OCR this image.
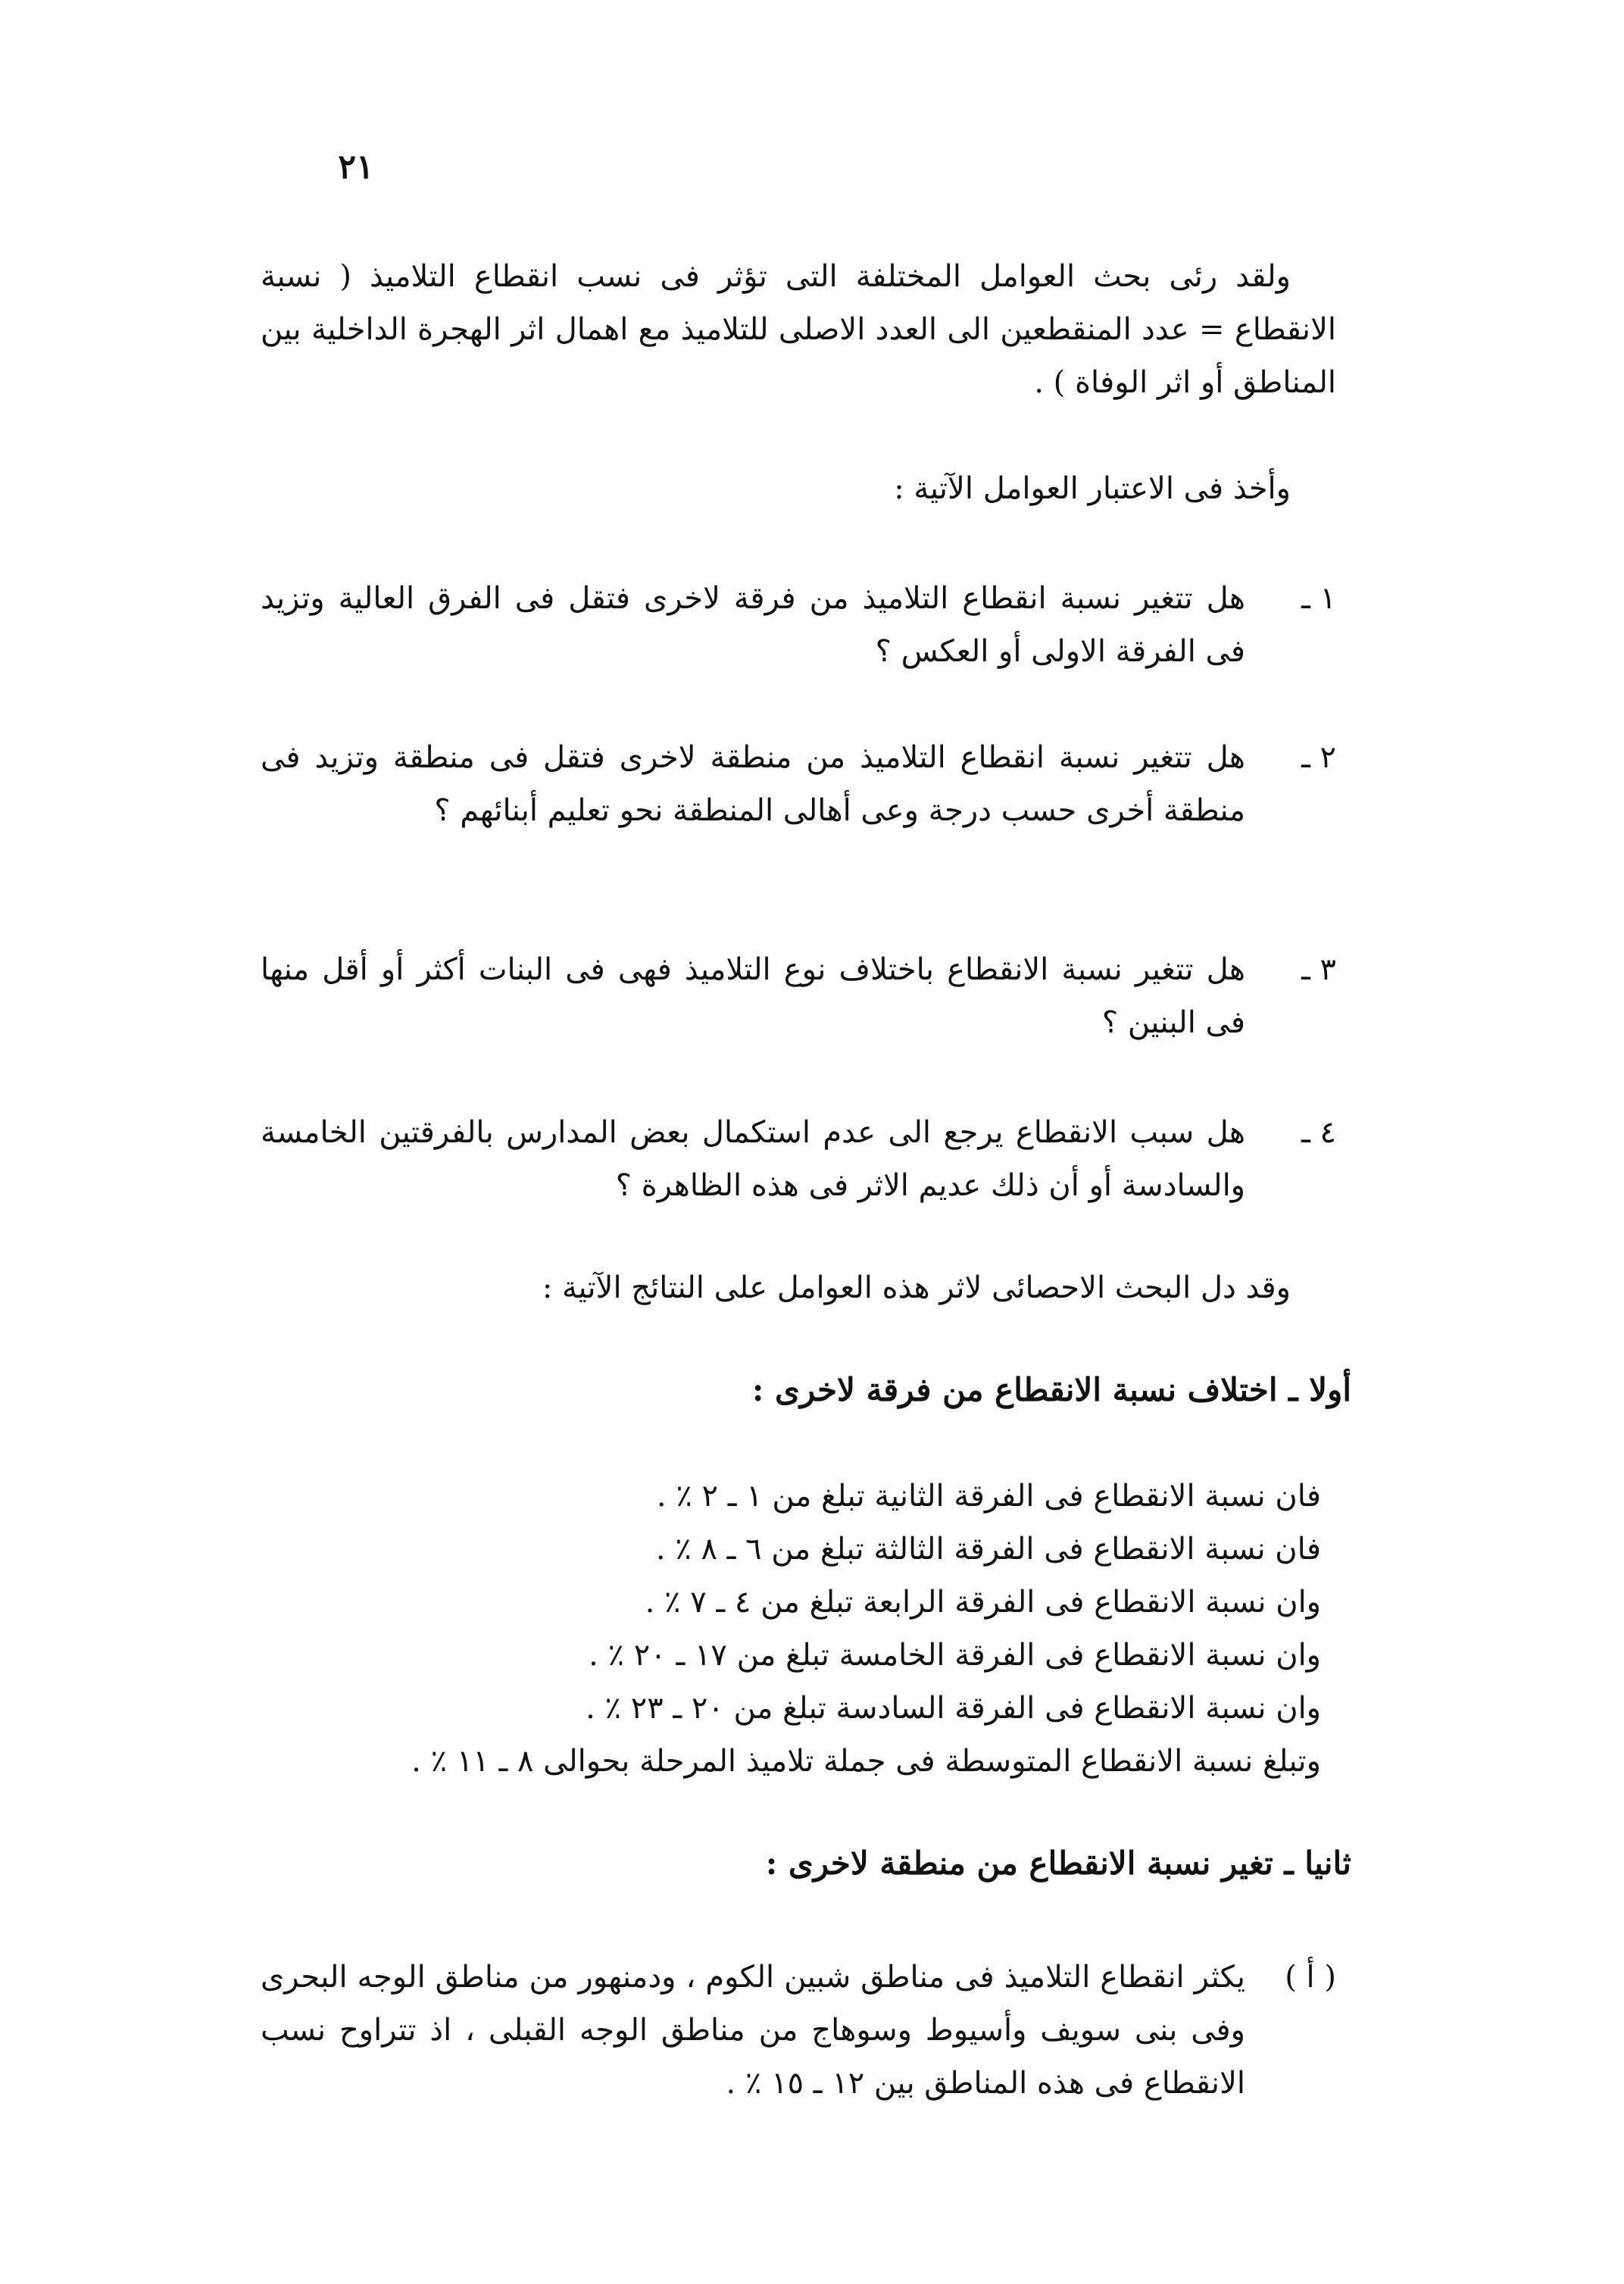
٢١

ولقد رئى بحث العوامل المختلفة التى تؤثر فى نسب انقطاع التلاميذ ( نسبة الانقطاع = عدد المنقطعين الى العدد الاصلى للتلاميذ مع اهمال اثر الهجرة الداخلية بين المناطق أو اثر الوفاة ) .

وأخذ فى الاعتبار العوامل الآتية :

١ ـ
هل تتغير نسبة انقطاع التلاميذ من فرقة لاخرى فتقل فى الفرق العالية وتزيد فى الفرقة الاولى أو العكس ؟
٢ ـ
هل تتغير نسبة انقطاع التلاميذ من منطقة لاخرى فتقل فى منطقة وتزيد فى منطقة أخرى حسب درجة وعى أهالى المنطقة نحو تعليم أبنائهم ؟
٣ ـ
هل تتغير نسبة الانقطاع باختلاف نوع التلاميذ فهى فى البنات أكثر أو أقل منها فى البنين ؟
٤ ـ
هل سبب الانقطاع يرجع الى عدم استكمال بعض المدارس بالفرقتين الخامسة والسادسة أو أن ذلك عديم الاثر فى هذه الظاهرة ؟

وقد دل البحث الاحصائى لاثر هذه العوامل على النتائج الآتية :

أولا ـ اختلاف نسبة الانقطاع من فرقة لاخرى :
فان نسبة الانقطاع فى الفرقة الثانية تبلغ من ١ ـ ٢ ٪ .
فان نسبة الانقطاع فى الفرقة الثالثة تبلغ من ٦ ـ ٨ ٪ .
وان نسبة الانقطاع فى الفرقة الرابعة تبلغ من ٤ ـ ٧ ٪ .
وان نسبة الانقطاع فى الفرقة الخامسة تبلغ من ١٧ ـ ٢٠ ٪ .
وان نسبة الانقطاع فى الفرقة السادسة تبلغ من ٢٠ ـ ٢٣ ٪ .
وتبلغ نسبة الانقطاع المتوسطة فى جملة تلاميذ المرحلة بحوالى ٨ ـ ١١ ٪ .
ثانيا ـ تغير نسبة الانقطاع من منطقة لاخرى :
( أ )
يكثر انقطاع التلاميذ فى مناطق شبين الكوم ، ودمنهور من مناطق الوجه البحرى وفى بنى سويف وأسيوط وسوهاج من مناطق الوجه القبلى ، اذ تتراوح نسب الانقطاع فى هذه المناطق بين ١٢ ـ ١٥ ٪ .
